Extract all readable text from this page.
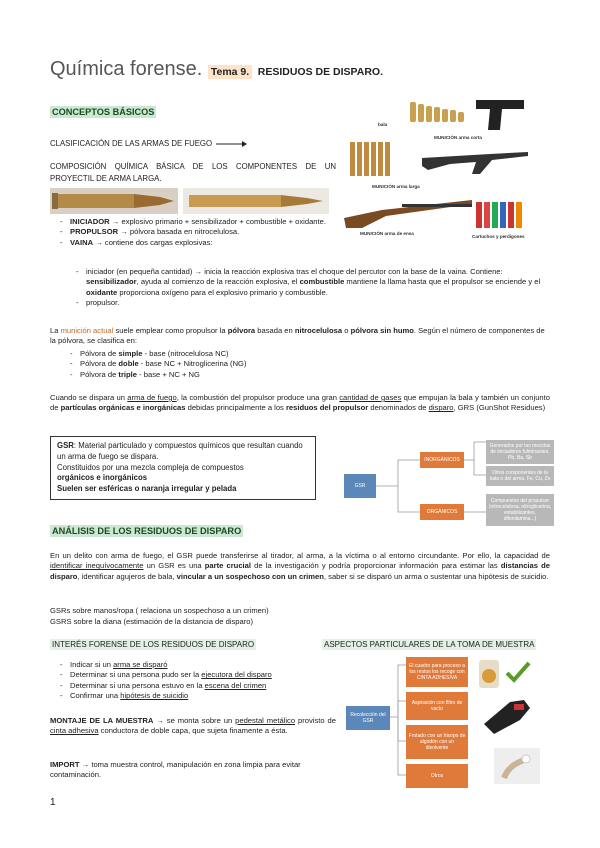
Química forense. Tema 9. RESIDUOS DE DISPARO.
CONCEPTOS BÁSICOS
CLASIFICACIÓN DE LAS ARMAS DE FUEGO
COMPOSICIÓN QUÍMICA BÁSICA DE LOS COMPONENTES DE UN PROYECTIL DE ARMA LARGA.
bala
MUNICIÓN arma corta
MUNICIÓN arma larga
MUNICIÓN arma de ensa
Cartuchos y perdigones
- INICIADOR → explosivo primario + sensibilizador + combustible + oxidante.
- PROPULSOR → pólvora basada en nitrocelulosa.
- VAINA → contiene dos cargas explosivas:
- iniciador (en pequeña cantidad) → inicia la reacción explosiva tras el choque del percutor con la base de la vaina. Contiene: sensibilizador, ayuda al comienzo de la reacción explosiva, el combustible mantiene la llama hasta que el propulsor se enciende y el oxidante proporciona oxígeno para el explosivo primario y combustible.
- propulsor.
La munición actual suele emplear como propulsor la pólvora basada en nitrocelulosa o pólvora sin humo. Según el número de componentes de la pólvora, se clasifica en:
- Pólvora de simple - base (nitrocelulosa NC)
- Pólvora de doble - base NC + Nitroglicerina (NG)
- Pólvora de triple - base + NC + NG
Cuando se dispara un arma de fuego, la combustión del propulsor produce una gran cantidad de gases que empujan la bala y también un conjunto de partículas orgánicas e inorgánicas debidas principalmente a los residuos del propulsor denominados de disparo, GRS (GunShot Residues)
GSR: Material particulado y compuestos químicos que resultan cuando un arma de fuego se dispara.
Constituidos por una mezcla compleja de compuestos
orgánicos e inorgánicos
Suelen ser esféricas o naranja irregular y pelada	GSR
INORGÁNICOS
ORGÁNICOS
Generados por las mezclas de iniciadores fulminantes. Pb, Ba, Sb
Otros componentes de la bala o del arma. Fe, Cu, Zn
Compuestos del propulsor (nitrocelulosa, nitroglicerina, estabilizantes, difenilamina...)
ANÁLISIS DE LOS RESIDUOS DE DISPARO
En un delito con arma de fuego, el GSR puede transferirse al tirador, al arma, a la víctima o al entorno circundante. Por ello, la capacidad de identificar inequívocamente un GSR es una parte crucial de la investigación y podría proporcionar información para estimar las distancias de disparo, identificar agujeros de bala, vincular a un sospechoso con un crimen, saber si se disparó un arma o sustentar una hipótesis de suicidio.
GSRs sobre manos/ropa ( relaciona un sospechoso a un crimen)
GSRS sobre la diana (estimación de la distancia de disparo)
INTERÉS FORENSE DE LOS RESIDUOS DE DISPARO
- Indicar si un arma se disparó
- Determinar si una persona pudo ser la ejecutora del disparo
- Determinar si una persona estuvo en la escena del crimen
- Confirmar una hipótesis de suicidio
MONTAJE DE LA MUESTRA → se monta sobre un pedestal metálico provisto de cinta adhesiva conductora de doble capa, que sujeta finamente a ésta.
IMPORT → toma muestra control, manipulación en zona limpia para evitar contaminación.
ASPECTOS PARTICULARES DE LA TOMA DE MUESTRA
Recolección del GSR
El cuadro para proceso a los restos los recoge con CINTA ADHESIVA
Aspiración con filtro de vacío
Frotado con un hisopo de algodón con un disolvente
Otros
1
